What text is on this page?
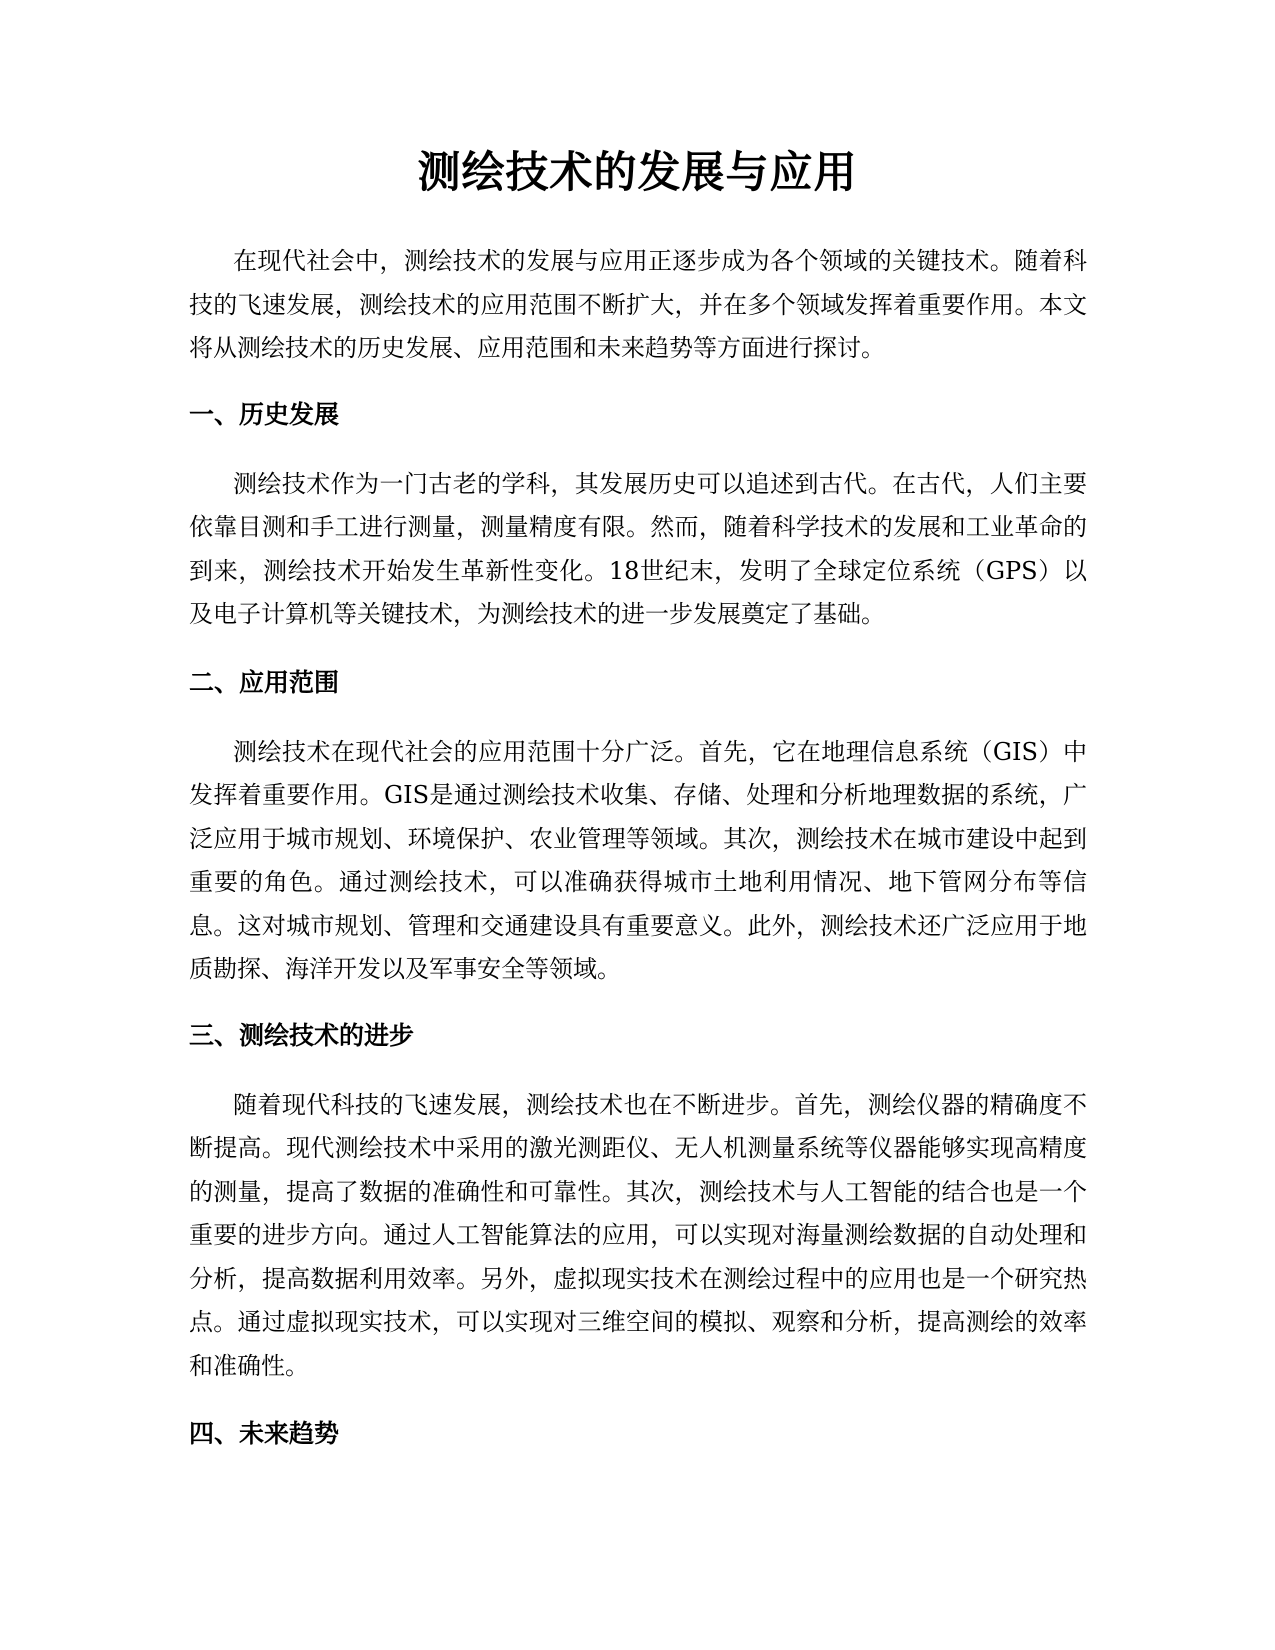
测绘技术的发展与应用

在现代社会中，测绘技术的发展与应用正逐步成为各个领域的关键技术。随着科技的飞速发展，测绘技术的应用范围不断扩大，并在多个领域发挥着重要作用。本文将从测绘技术的历史发展、应用范围和未来趋势等方面进行探讨。

一、历史发展

测绘技术作为一门古老的学科，其发展历史可以追述到古代。在古代，人们主要依靠目测和手工进行测量，测量精度有限。然而，随着科学技术的发展和工业革命的到来，测绘技术开始发生革新性变化。18世纪末，发明了全球定位系统（GPS）以及电子计算机等关键技术，为测绘技术的进一步发展奠定了基础。

二、应用范围

测绘技术在现代社会的应用范围十分广泛。首先，它在地理信息系统（GIS）中发挥着重要作用。GIS是通过测绘技术收集、存储、处理和分析地理数据的系统，广泛应用于城市规划、环境保护、农业管理等领域。其次，测绘技术在城市建设中起到重要的角色。通过测绘技术，可以准确获得城市土地利用情况、地下管网分布等信息。这对城市规划、管理和交通建设具有重要意义。此外，测绘技术还广泛应用于地质勘探、海洋开发以及军事安全等领域。

三、测绘技术的进步

随着现代科技的飞速发展，测绘技术也在不断进步。首先，测绘仪器的精确度不断提高。现代测绘技术中采用的激光测距仪、无人机测量系统等仪器能够实现高精度的测量，提高了数据的准确性和可靠性。其次，测绘技术与人工智能的结合也是一个重要的进步方向。通过人工智能算法的应用，可以实现对海量测绘数据的自动处理和分析，提高数据利用效率。另外，虚拟现实技术在测绘过程中的应用也是一个研究热点。通过虚拟现实技术，可以实现对三维空间的模拟、观察和分析，提高测绘的效率和准确性。

四、未来趋势
